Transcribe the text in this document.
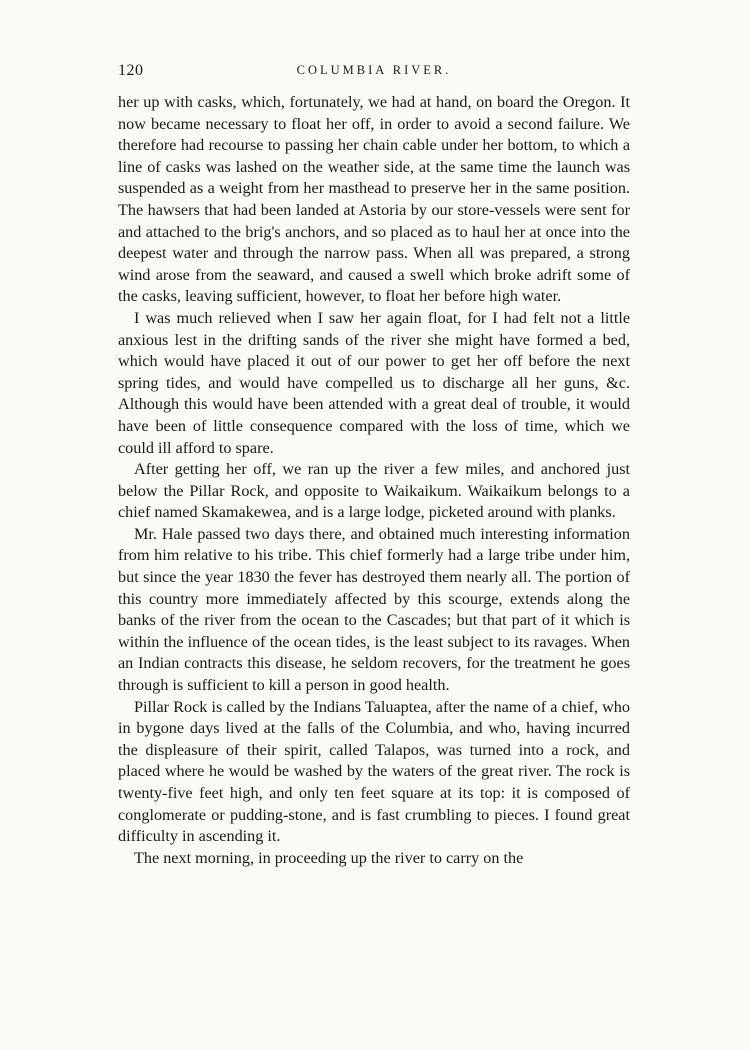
120	COLUMBIA RIVER.

her up with casks, which, fortunately, we had at hand, on board the Oregon. It now became necessary to float her off, in order to avoid a second failure. We therefore had recourse to passing her chain cable under her bottom, to which a line of casks was lashed on the weather side, at the same time the launch was suspended as a weight from her masthead to preserve her in the same position. The hawsers that had been landed at Astoria by our store-vessels were sent for and attached to the brig's anchors, and so placed as to haul her at once into the deepest water and through the narrow pass. When all was prepared, a strong wind arose from the seaward, and caused a swell which broke adrift some of the casks, leaving sufficient, however, to float her before high water.

I was much relieved when I saw her again float, for I had felt not a little anxious lest in the drifting sands of the river she might have formed a bed, which would have placed it out of our power to get her off before the next spring tides, and would have compelled us to discharge all her guns, &c. Although this would have been attended with a great deal of trouble, it would have been of little consequence compared with the loss of time, which we could ill afford to spare.

After getting her off, we ran up the river a few miles, and anchored just below the Pillar Rock, and opposite to Waikaikum. Waikaikum belongs to a chief named Skamakewea, and is a large lodge, picketed around with planks.

Mr. Hale passed two days there, and obtained much interesting information from him relative to his tribe. This chief formerly had a large tribe under him, but since the year 1830 the fever has destroyed them nearly all. The portion of this country more immediately affected by this scourge, extends along the banks of the river from the ocean to the Cascades; but that part of it which is within the influence of the ocean tides, is the least subject to its ravages. When an Indian contracts this disease, he seldom recovers, for the treatment he goes through is sufficient to kill a person in good health.

Pillar Rock is called by the Indians Taluaptea, after the name of a chief, who in bygone days lived at the falls of the Columbia, and who, having incurred the displeasure of their spirit, called Talapos, was turned into a rock, and placed where he would be washed by the waters of the great river. The rock is twenty-five feet high, and only ten feet square at its top: it is composed of conglomerate or pudding-stone, and is fast crumbling to pieces. I found great difficulty in ascending it.

The next morning, in proceeding up the river to carry on the
